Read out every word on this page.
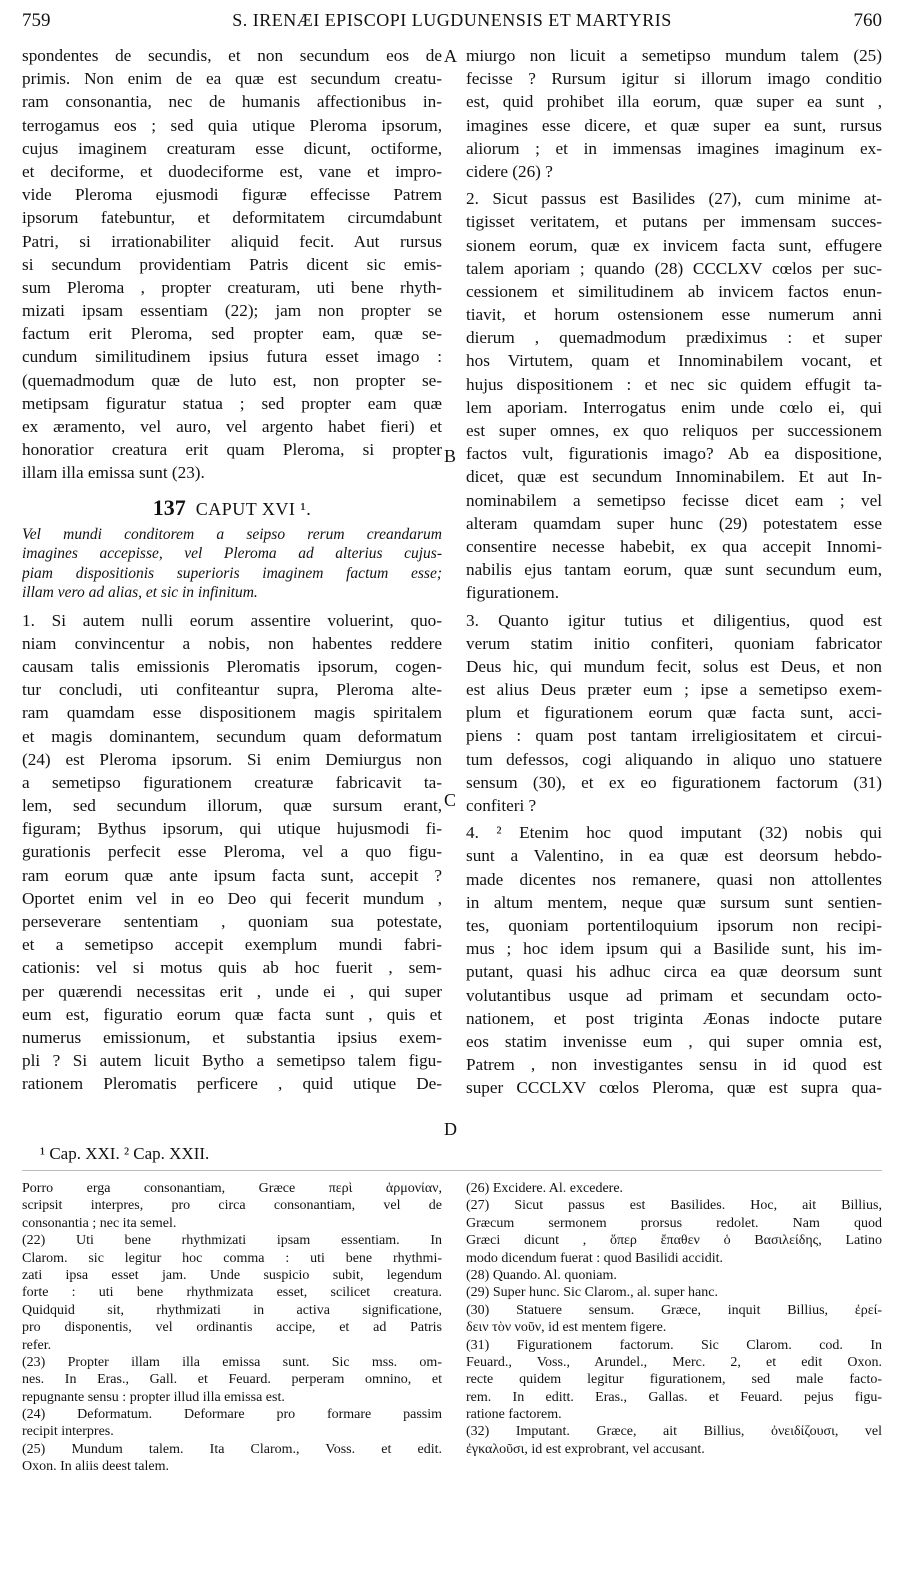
759	S. IRENÆI EPISCOPI LUGDUNENSIS ET MARTYRIS	760
A
B
C
D
spondentes de secundis, et non secundum eos de
primis. Non enim de ea quæ est secundum creatu-
ram consonantia, nec de humanis affectionibus in-
terrogamus eos ; sed quia utique Pleroma ipsorum,
cujus imaginem creaturam esse dicunt, octiforme,
et deciforme, et duodeciforme est, vane et impro-
vide Pleroma ejusmodi figuræ effecisse Patrem
ipsorum fatebuntur, et deformitatem circumdabunt
Patri, si irrationabiliter aliquid fecit. Aut rursus
si secundum providentiam Patris dicent sic emis-
sum Pleroma , propter creaturam, uti bene rhyth-
mizati ipsam essentiam (22); jam non propter se
factum erit Pleroma, sed propter eam, quæ se-
cundum similitudinem ipsius futura esset imago :
(quemadmodum quæ de luto est, non propter se-
metipsam figuratur statua ; sed propter eam quæ
ex æramento, vel auro, vel argento habet fieri) et
honoratior creatura erit quam Pleroma, si propter
illam illa emissa sunt (23).
137 CAPUT XVI ¹.
Vel mundi conditorem a seipso rerum creandarum
imagines accepisse, vel Pleroma ad alterius cujus-
piam dispositionis superioris imaginem factum esse;
illam vero ad alias, et sic in infinitum.
1. Si autem nulli eorum assentire voluerint, quo-
niam convincentur a nobis, non habentes reddere
causam talis emissionis Pleromatis ipsorum, cogen-
tur concludi, uti confiteantur supra, Pleroma alte-
ram quamdam esse dispositionem magis spiritalem
et magis dominantem, secundum quam deformatum
(24) est Pleroma ipsorum. Si enim Demiurgus non
a semetipso figurationem creaturæ fabricavit ta-
lem, sed secundum illorum, quæ sursum erant,
figuram; Bythus ipsorum, qui utique hujusmodi fi-
gurationis perfecit esse Pleroma, vel a quo figu-
ram eorum quæ ante ipsum facta sunt, accepit ?
Oportet enim vel in eo Deo qui fecerit mundum ,
perseverare sententiam , quoniam sua potestate,
et a semetipso accepit exemplum mundi fabri-
cationis: vel si motus quis ab hoc fuerit , sem-
per quærendi necessitas erit , unde ei , qui super
eum est, figuratio eorum quæ facta sunt , quis et
numerus emissionum, et substantia ipsius exem-
pli ? Si autem licuit Bytho a semetipso talem figu-
rationem Pleromatis perficere , quid utique De-
¹ Cap. XXI. ² Cap. XXII.
miurgo non licuit a semetipso mundum talem (25)
fecisse ? Rursum igitur si illorum imago conditio
est, quid prohibet illa eorum, quæ super ea sunt ,
imagines esse dicere, et quæ super ea sunt, rursus
aliorum ; et in immensas imagines imaginum ex-
cidere (26) ?
2. Sicut passus est Basilides (27), cum minime at-
tigisset veritatem, et putans per immensam succes-
sionem eorum, quæ ex invicem facta sunt, effugere
talem aporiam ; quando (28) CCCLXV cœlos per suc-
cessionem et similitudinem ab invicem factos enun-
tiavit, et horum ostensionem esse numerum anni
dierum , quemadmodum prædiximus : et super
hos Virtutem, quam et Innominabilem vocant, et
hujus dispositionem : et nec sic quidem effugit ta-
lem aporiam. Interrogatus enim unde cœlo ei, qui
est super omnes, ex quo reliquos per successionem
factos vult, figurationis imago? Ab ea dispositione,
dicet, quæ est secundum Innominabilem. Et aut In-
nominabilem a semetipso fecisse dicet eam ; vel
alteram quamdam super hunc (29) potestatem esse
consentire necesse habebit, ex qua accepit Innomi-
nabilis ejus tantam eorum, quæ sunt secundum eum,
figurationem.
3. Quanto igitur tutius et diligentius, quod est
verum statim initio confiteri, quoniam fabricator
Deus hic, qui mundum fecit, solus est Deus, et non
est alius Deus præter eum ; ipse a semetipso exem-
plum et figurationem eorum quæ facta sunt, acci-
piens : quam post tantam irreligiositatem et circui-
tum defessos, cogi aliquando in aliquo uno statuere
sensum (30), et ex eo figurationem factorum (31)
confiteri ?
4. ² Etenim hoc quod imputant (32) nobis qui
sunt a Valentino, in ea quæ est deorsum hebdo-
made dicentes nos remanere, quasi non attollentes
in altum mentem, neque quæ sursum sunt sentien-
tes, quoniam portentiloquium ipsorum non recipi-
mus ; hoc idem ipsum qui a Basilide sunt, his im-
putant, quasi his adhuc circa ea quæ deorsum sunt
volutantibus usque ad primam et secundam octo-
nationem, et post triginta Æonas indocte putare
eos statim invenisse eum , qui super omnia est,
Patrem , non investigantes sensu in id quod est
super CCCLXV cœlos Pleroma, quæ est supra qua-
Porro erga consonantiam, Græce περὶ ἁρμονίαν,
scripsit interpres, pro circa consonantiam, vel de
consonantia ; nec ita semel.
(22) Uti bene rhythmizati ipsam essentiam. In
Clarom. sic legitur hoc comma : uti bene rhythmi-
zati ipsa esset jam. Unde suspicio subit, legendum
forte : uti bene rhythmizata esset, scilicet creatura.
Quidquid sit, rhythmizati in activa significatione,
pro disponentis, vel ordinantis accipe, et ad Patris
refer.
(23) Propter illam illa emissa sunt. Sic mss. om-
nes. In Eras., Gall. et Feuard. perperam omnino, et
repugnante sensu : propter illud illa emissa est.
(24) Deformatum. Deformare pro formare passim
recipit interpres.
(25) Mundum talem. Ita Clarom., Voss. et edit.
Oxon. In aliis deest talem.
(26) Excidere. Al. excedere.
(27) Sicut passus est Basilides. Hoc, ait Billius,
Græcum sermonem prorsus redolet. Nam quod
Græci dicunt , ὅπερ ἔπαθεν ὁ Βασιλείδης, Latino
modo dicendum fuerat : quod Basilidi accidit.
(28) Quando. Al. quoniam.
(29) Super hunc. Sic Clarom., al. super hanc.
(30) Statuere sensum. Græce, inquit Billius, ἐρεί-
δειν τὸν νοῦν, id est mentem figere.
(31) Figurationem factorum. Sic Clarom. cod. In
Feuard., Voss., Arundel., Merc. 2, et edit Oxon.
recte quidem legitur figurationem, sed male facto-
rem. In editt. Eras., Gallas. et Feuard. pejus figu-
ratione factorem.
(32) Imputant. Græce, ait Billius, ὀνειδίζουσι, vel
ἐγκαλοῦσι, id est exprobrant, vel accusant.
